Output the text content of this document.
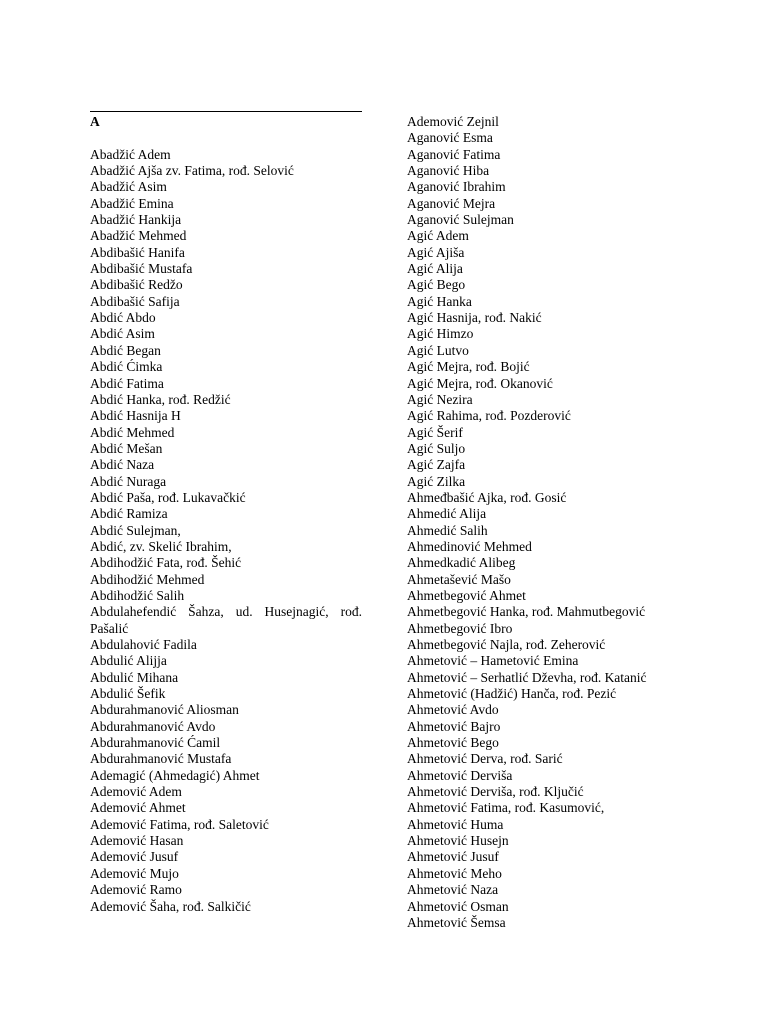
A
Abadžić Adem
Abadžić Ajša zv. Fatima, rođ. Selović
Abadžić Asim
Abadžić Emina
Abadžić Hankija
Abadžić Mehmed
Abdibašić Hanifa
Abdibašić Mustafa
Abdibašić Redžo
Abdibašić Safija
Abdić Abdo
Abdić Asim
Abdić Began
Abdić Ćimka
Abdić Fatima
Abdić Hanka, rođ. Redžić
Abdić Hasnija H
Abdić Mehmed
Abdić Mešan
Abdić Naza
Abdić Nuraga
Abdić Paša, rođ. Lukavačkić
Abdić Ramiza
Abdić Sulejman,
Abdić, zv. Skelić Ibrahim,
Abdihodžić Fata, rođ. Šehić
Abdihodžić Mehmed
Abdihodžić Salih
Abdulahefendić Šahza, ud. Husejnagić, rođ. Pašalić
Abdulahović Fadila
Abdulić Alijja
Abdulić Mihana
Abdulić Šefik
Abdurahmanović Aliosman
Abdurahmanović Avdo
Abdurahmanović Ćamil
Abdurahmanović Mustafa
Ademagić (Ahmedagić) Ahmet
Ademović Adem
Ademović Ahmet
Ademović Fatima, rođ. Saletović
Ademović Hasan
Ademović Jusuf
Ademović Mujo
Ademović Ramo
Ademović Šaha, rođ. Salkičić
Ademović Zejnil
Aganović Esma
Aganović Fatima
Aganović Hiba
Aganović Ibrahim
Aganović Mejra
Aganović Sulejman
Agić Adem
Agić Ajiša
Agić Alija
Agić Bego
Agić Hanka
Agić Hasnija, rođ. Nakić
Agić Himzo
Agić Lutvo
Agić Mejra, rođ. Bojić
Agić Mejra, rođ. Okanović
Agić Nezira
Agić Rahima, rođ. Pozderović
Agić Šerif
Agić Suljo
Agić Zajfa
Agić Zilka
Ahmeđbašić Ajka, rođ. Gosić
Ahmedić Alija
Ahmedić Salih
Ahmedinović Mehmed
Ahmedkadić Alibeg
Ahmetašević Mašo
Ahmetbegović Ahmet
Ahmetbegović Hanka, rođ. Mahmutbegović
Ahmetbegović Ibro
Ahmetbegović Najla, rođ. Zeherović
Ahmetović – Hametović Emina
Ahmetović – Serhatlić Dževha, rođ. Katanić
Ahmetović (Hadžić) Hanča, rođ. Pezić
Ahmetović Avdo
Ahmetović Bajro
Ahmetović Bego
Ahmetović Derva, rođ. Sarić
Ahmetović Derviša
Ahmetović Derviša, rođ. Ključić
Ahmetović Fatima, rođ. Kasumović,
Ahmetović Huma
Ahmetović Husejn
Ahmetović Jusuf
Ahmetović Meho
Ahmetović Naza
Ahmetović Osman
Ahmetović Šemsa
